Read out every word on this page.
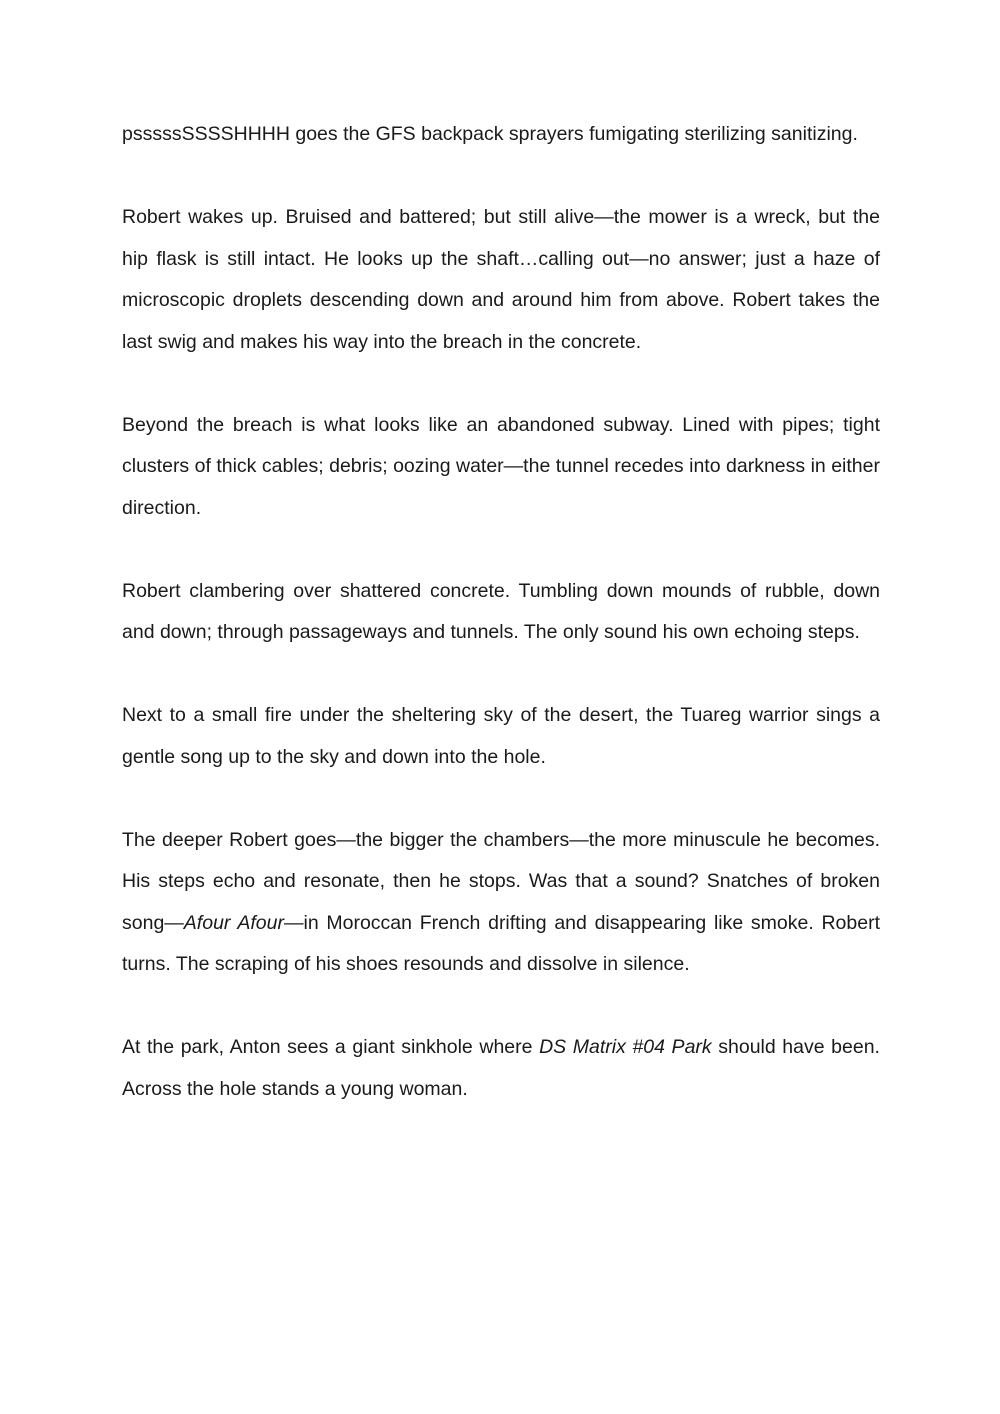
psssssSSSSHHHH goes the GFS backpack sprayers fumigating sterilizing sanitizing.

Robert wakes up. Bruised and battered; but still alive—the mower is a wreck, but the hip flask is still intact. He looks up the shaft…calling out—no answer; just a haze of microscopic droplets descending down and around him from above. Robert takes the last swig and makes his way into the breach in the concrete.

Beyond the breach is what looks like an abandoned subway. Lined with pipes; tight clusters of thick cables; debris; oozing water—the tunnel recedes into darkness in either direction.

Robert clambering over shattered concrete. Tumbling down mounds of rubble, down and down; through passageways and tunnels. The only sound his own echoing steps.

Next to a small fire under the sheltering sky of the desert, the Tuareg warrior sings a gentle song up to the sky and down into the hole.

The deeper Robert goes—the bigger the chambers—the more minuscule he becomes. His steps echo and resonate, then he stops. Was that a sound? Snatches of broken song—Afour Afour—in Moroccan French drifting and disappearing like smoke. Robert turns. The scraping of his shoes resounds and dissolve in silence.

At the park, Anton sees a giant sinkhole where DS Matrix #04 Park should have been. Across the hole stands a young woman.
